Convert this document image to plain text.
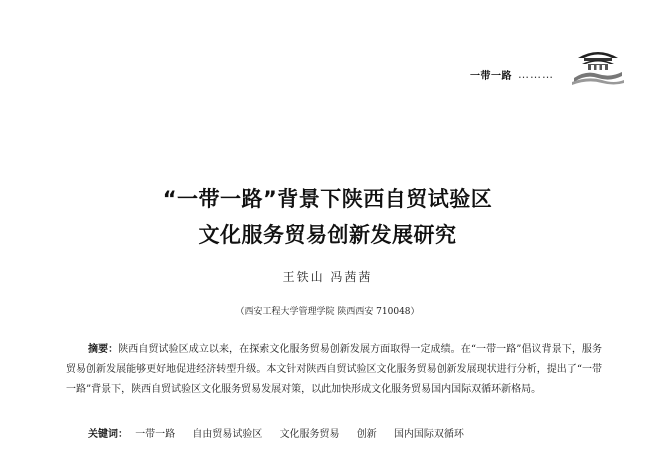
一带一路 ………
“一带一路”背景下陕西自贸试验区
文化服务贸易创新发展研究
王铁山 冯茜茜
（西安工程大学管理学院 陕西西安 710048）
摘要：陕西自贸试验区成立以来，在探索文化服务贸易创新发展方面取得一定成绩。在“一带一路”倡议背景下，服务贸易创新发展能够更好地促进经济转型升级。本文针对陕西自贸试验区文化服务贸易创新发展现状进行分析，提出了“一带一路”背景下，陕西自贸试验区文化服务贸易发展对策，以此加快形成文化服务贸易国内国际双循环新格局。
关键词： 一带一路 自由贸易试验区 文化服务贸易 创新 国内国际双循环
